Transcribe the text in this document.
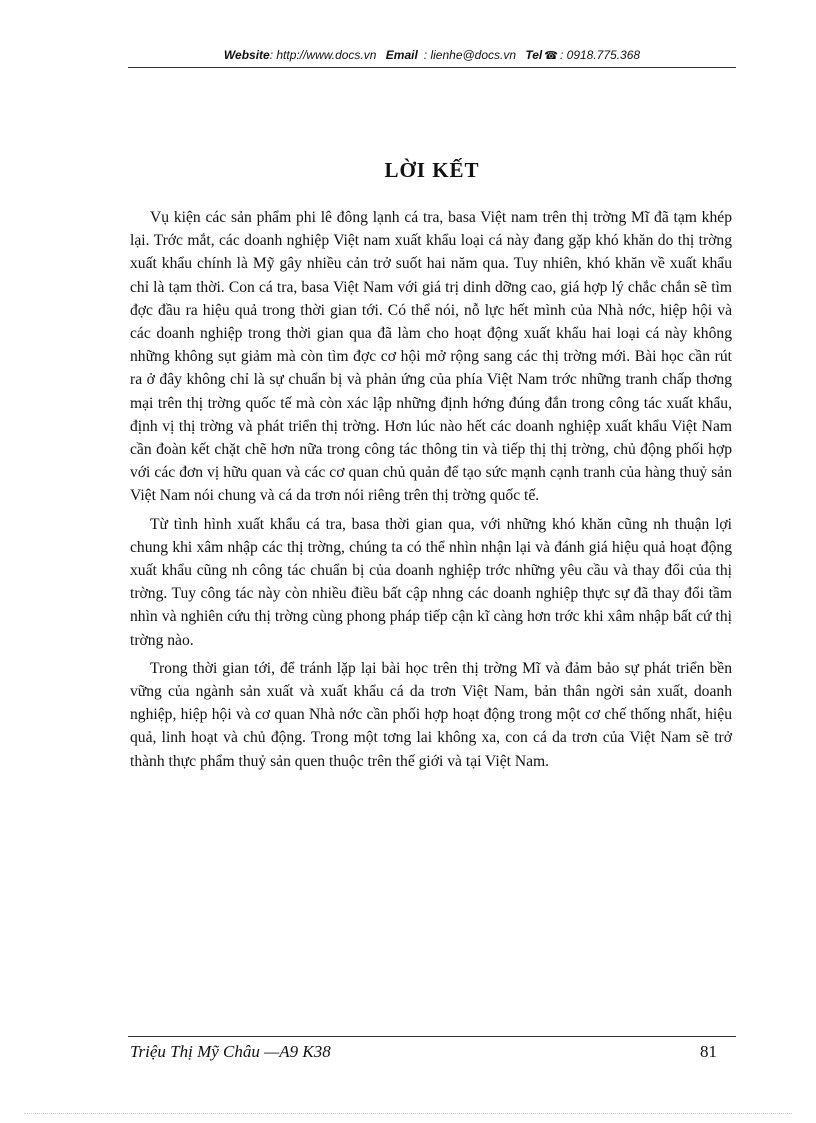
Website: http://www.docs.vn Email : lienhe@docs.vn Tel ☎ : 0918.775.368
LỜI KẾT

Vụ kiện các sản phẩm phi lê đông lạnh cá tra, basa Việt nam trên thị trờng Mĩ đã tạm khép lại. Trớc mắt, các doanh nghiệp Việt nam xuất khẩu loại cá này đang gặp khó khăn do thị trờng xuất khẩu chính là Mỹ gây nhiều cản trở suốt hai năm qua. Tuy nhiên, khó khăn về xuất khẩu chỉ là tạm thời. Con cá tra, basa Việt Nam với giá trị dinh dỡng cao, giá hợp lý chắc chắn sẽ tìm đợc đầu ra hiệu quả trong thời gian tới. Có thể nói, nỗ lực hết mình của Nhà nớc, hiệp hội và các doanh nghiệp trong thời gian qua đã làm cho hoạt động xuất khẩu hai loại cá này không những không sụt giảm mà còn tìm đợc cơ hội mở rộng sang các thị trờng mới. Bài học cần rút ra ở đây không chỉ là sự chuẩn bị và phản ứng của phía Việt Nam trớc những tranh chấp thơng mại trên thị trờng quốc tế mà còn xác lập những định hớng đúng đắn trong công tác xuất khẩu, định vị thị trờng và phát triển thị trờng. Hơn lúc nào hết các doanh nghiệp xuất khẩu Việt Nam cần đoàn kết chặt chẽ hơn nữa trong công tác thông tin và tiếp thị thị trờng, chủ động phối hợp với các đơn vị hữu quan và các cơ quan chủ quản để tạo sức mạnh cạnh tranh của hàng thuỷ sản Việt Nam nói chung và cá da trơn nói riêng trên thị trờng quốc tế.

Từ tình hình xuất khẩu cá tra, basa thời gian qua, với những khó khăn cũng nh thuận lợi chung khi xâm nhập các thị trờng, chúng ta có thể nhìn nhận lại và đánh giá hiệu quả hoạt động xuất khẩu cũng nh công tác chuẩn bị của doanh nghiệp trớc những yêu cầu và thay đổi của thị trờng. Tuy công tác này còn nhiều điều bất cập nhng các doanh nghiệp thực sự đã thay đổi tầm nhìn và nghiên cứu thị trờng cùng phong pháp tiếp cận kĩ càng hơn trớc khi xâm nhập bất cứ thị trờng nào.

Trong thời gian tới, để tránh lặp lại bài học trên thị trờng Mĩ và đảm bảo sự phát triển bền vững của ngành sản xuất và xuất khẩu cá da trơn Việt Nam, bản thân ngời sản xuất, doanh nghiệp, hiệp hội và cơ quan Nhà nớc cần phối hợp hoạt động trong một cơ chế thống nhất, hiệu quả, linh hoạt và chủ động. Trong một tơng lai không xa, con cá da trơn của Việt Nam sẽ trở thành thực phẩm thuỷ sản quen thuộc trên thế giới và tại Việt Nam.

Triệu Thị Mỹ Châu —A9 K38	81
